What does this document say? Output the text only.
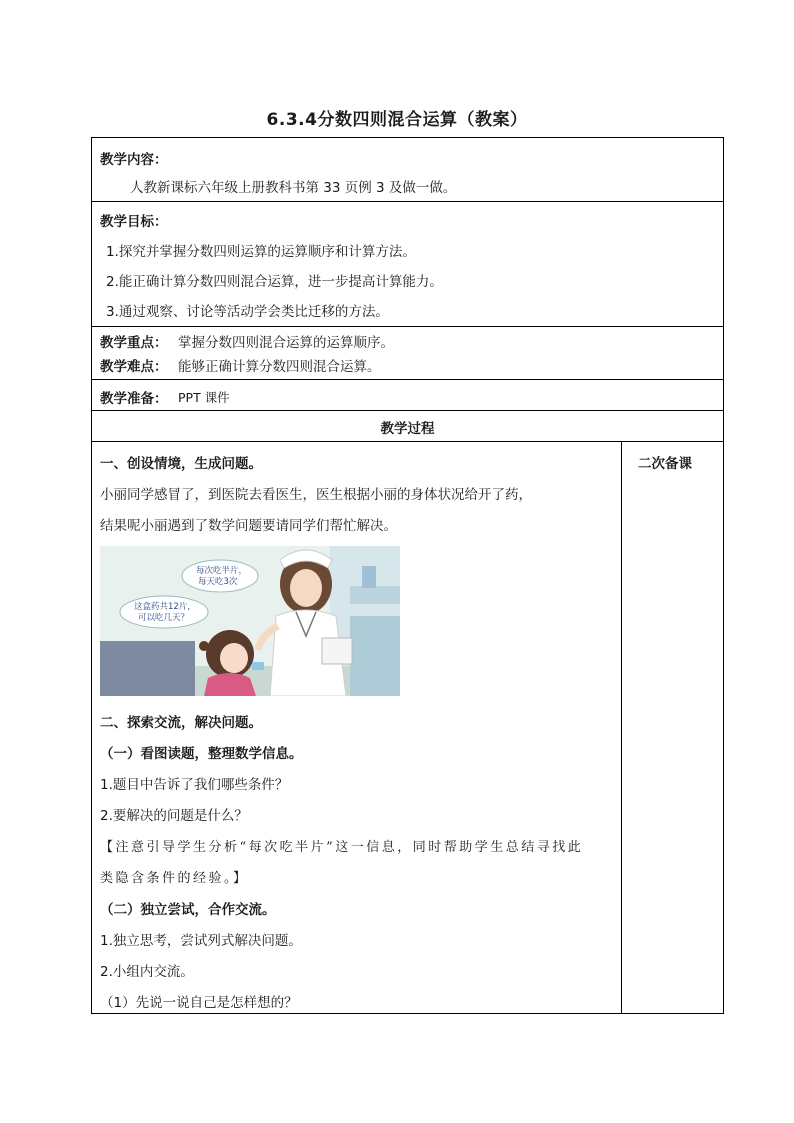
6.3.4分数四则混合运算（教案）
教学内容：
人教新课标六年级上册教科书第 33 页例 3 及做一做。
教学目标：
1.探究并掌握分数四则运算的运算顺序和计算方法。
2.能正确计算分数四则混合运算，进一步提高计算能力。
3.通过观察、讨论等活动学会类比迁移的方法。
教学重点： 掌握分数四则混合运算的运算顺序。
教学难点： 能够正确计算分数四则混合运算。
教学准备： PPT 课件
教学过程
二次备课
一、创设情境，生成问题。
小丽同学感冒了，到医院去看医生，医生根据小丽的身体状况给开了药，
结果呢小丽遇到了数学问题要请同学们帮忙解决。
每次吃半片，
每天吃3次
这盒药共12片，
可以吃几天？
二、探索交流，解决问题。
（一）看图读题，整理数学信息。
1.题目中告诉了我们哪些条件？
2.要解决的问题是什么？
【注意引导学生分析“每次吃半片”这一信息，同时帮助学生总结寻找此
类隐含条件的经验。】
（二）独立尝试，合作交流。
1.独立思考，尝试列式解决问题。
2.小组内交流。
（1）先说一说自己是怎样想的？
